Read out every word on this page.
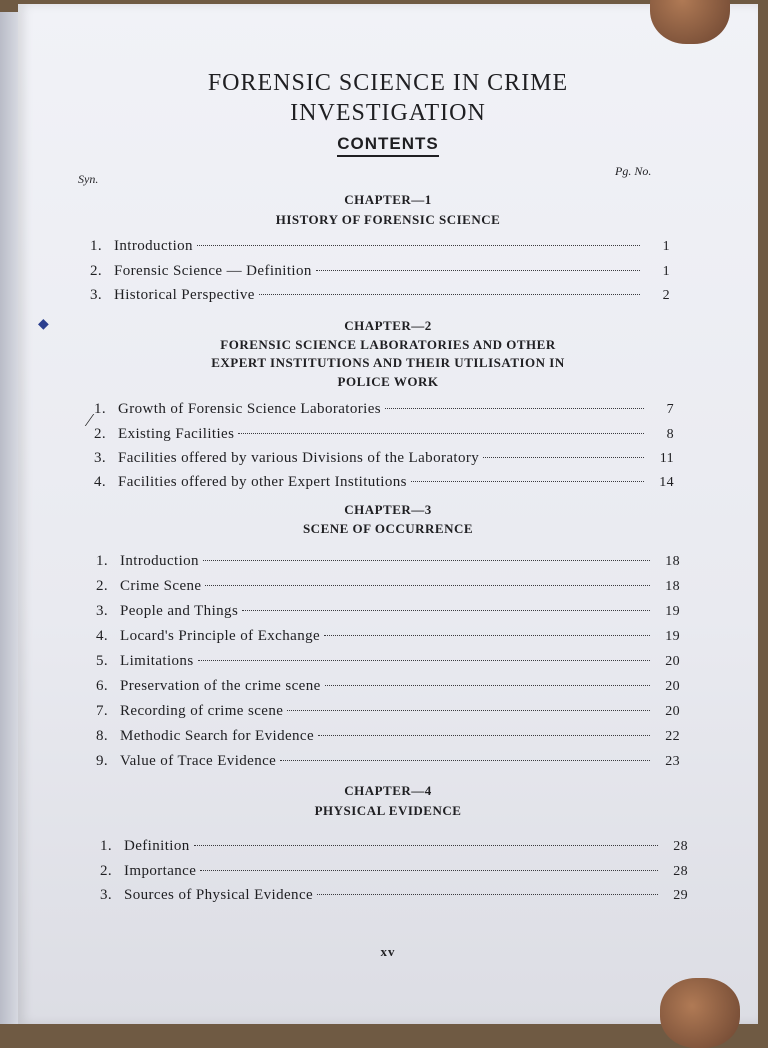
FORENSIC SCIENCE IN CRIME
INVESTIGATION
CONTENTS
Syn.
Pg. No.
CHAPTER—1
HISTORY OF FORENSIC SCIENCE
1. Introduction	1
2. Forensic Science — Definition	1
3. Historical Perspective	2
◆	CHAPTER—2
FORENSIC SCIENCE LABORATORIES AND OTHER
EXPERT INSTITUTIONS AND THEIR UTILISATION IN
POLICE WORK
⁄
1. Growth of Forensic Science Laboratories	7
2. Existing Facilities	8
3. Facilities offered by various Divisions of the Laboratory	11
4. Facilities offered by other Expert Institutions	14
CHAPTER—3
SCENE OF OCCURRENCE
1. Introduction	18
2. Crime Scene	18
3. People and Things	19
4. Locard's Principle of Exchange	19
5. Limitations	20
6. Preservation of the crime scene	20
7. Recording of crime scene	20
8. Methodic Search for Evidence	22
9. Value of Trace Evidence	23
CHAPTER—4
PHYSICAL EVIDENCE
1. Definition	28
2. Importance	28
3. Sources of Physical Evidence	29
xv
